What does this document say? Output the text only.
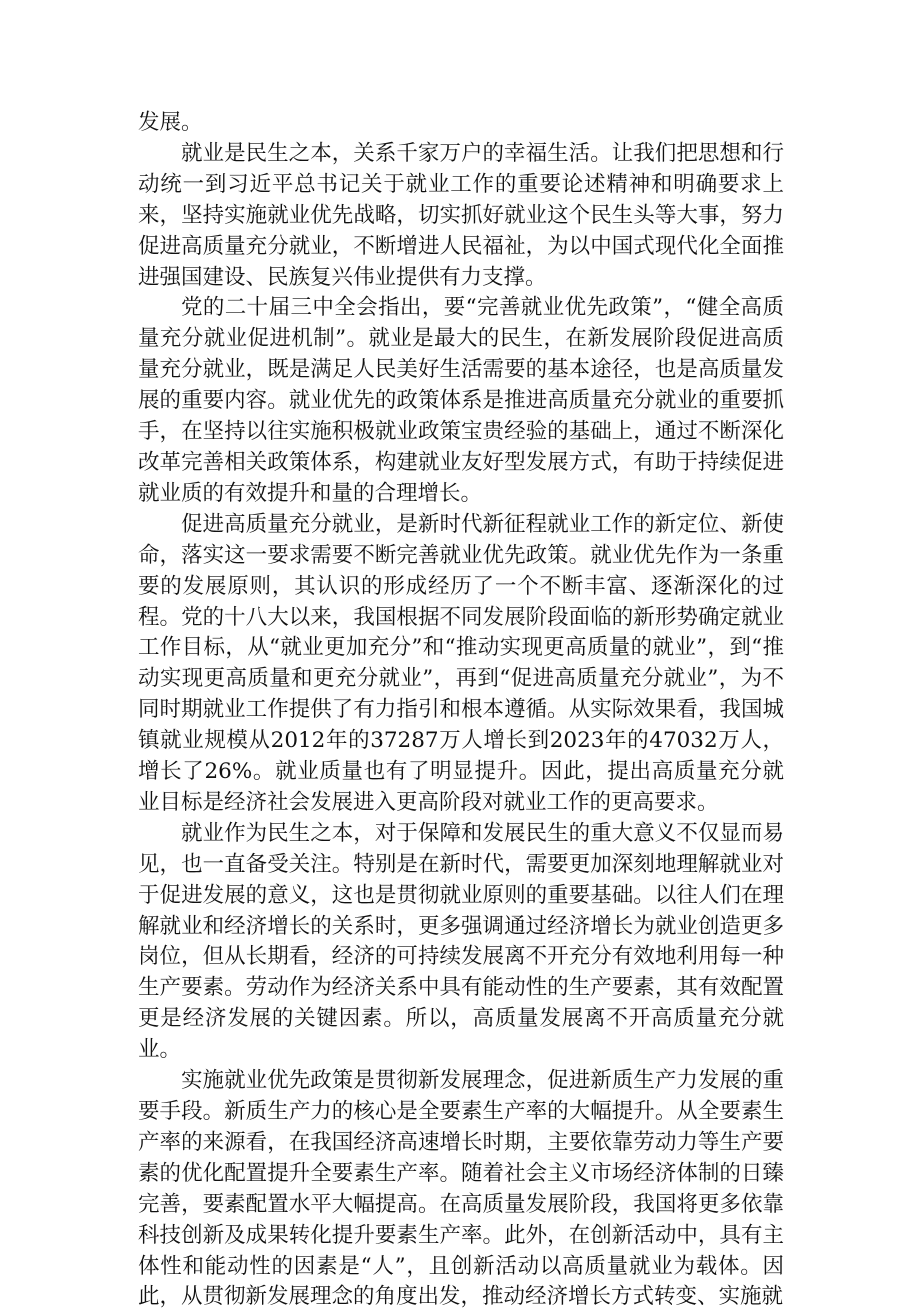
发展。

就业是民生之本，关系千家万户的幸福生活。让我们把思想和行动统一到习近平总书记关于就业工作的重要论述精神和明确要求上来，坚持实施就业优先战略，切实抓好就业这个民生头等大事，努力促进高质量充分就业，不断增进人民福祉，为以中国式现代化全面推进强国建设、民族复兴伟业提供有力支撑。

党的二十届三中全会指出，要“完善就业优先政策”，“健全高质量充分就业促进机制”。就业是最大的民生，在新发展阶段促进高质量充分就业，既是满足人民美好生活需要的基本途径，也是高质量发展的重要内容。就业优先的政策体系是推进高质量充分就业的重要抓手，在坚持以往实施积极就业政策宝贵经验的基础上，通过不断深化改革完善相关政策体系，构建就业友好型发展方式，有助于持续促进就业质的有效提升和量的合理增长。

促进高质量充分就业，是新时代新征程就业工作的新定位、新使命，落实这一要求需要不断完善就业优先政策。就业优先作为一条重要的发展原则，其认识的形成经历了一个不断丰富、逐渐深化的过程。党的十八大以来，我国根据不同发展阶段面临的新形势确定就业工作目标，从“就业更加充分”和“推动实现更高质量的就业”，到“推动实现更高质量和更充分就业”，再到“促进高质量充分就业”，为不同时期就业工作提供了有力指引和根本遵循。从实际效果看，我国城镇就业规模从2012年的37287万人增长到2023年的47032万人，增长了26%。就业质量也有了明显提升。因此，提出高质量充分就业目标是经济社会发展进入更高阶段对就业工作的更高要求。

就业作为民生之本，对于保障和发展民生的重大意义不仅显而易见，也一直备受关注。特别是在新时代，需要更加深刻地理解就业对于促进发展的意义，这也是贯彻就业原则的重要基础。以往人们在理解就业和经济增长的关系时，更多强调通过经济增长为就业创造更多岗位，但从长期看，经济的可持续发展离不开充分有效地利用每一种生产要素。劳动作为经济关系中具有能动性的生产要素，其有效配置更是经济发展的关键因素。所以，高质量发展离不开高质量充分就业。

实施就业优先政策是贯彻新发展理念，促进新质生产力发展的重要手段。新质生产力的核心是全要素生产率的大幅提升。从全要素生产率的来源看，在我国经济高速增长时期，主要依靠劳动力等生产要素的优化配置提升全要素生产率。随着社会主义市场经济体制的日臻完善，要素配置水平大幅提高。在高质量发展阶段，我国将更多依靠科技创新及成果转化提升要素生产率。此外，在创新活动中，具有主体性和能动性的因素是“人”，且创新活动以高质量就业为载体。因此，从贯彻新发展理念的角度出发，推动经济增长方式转变、实施就
